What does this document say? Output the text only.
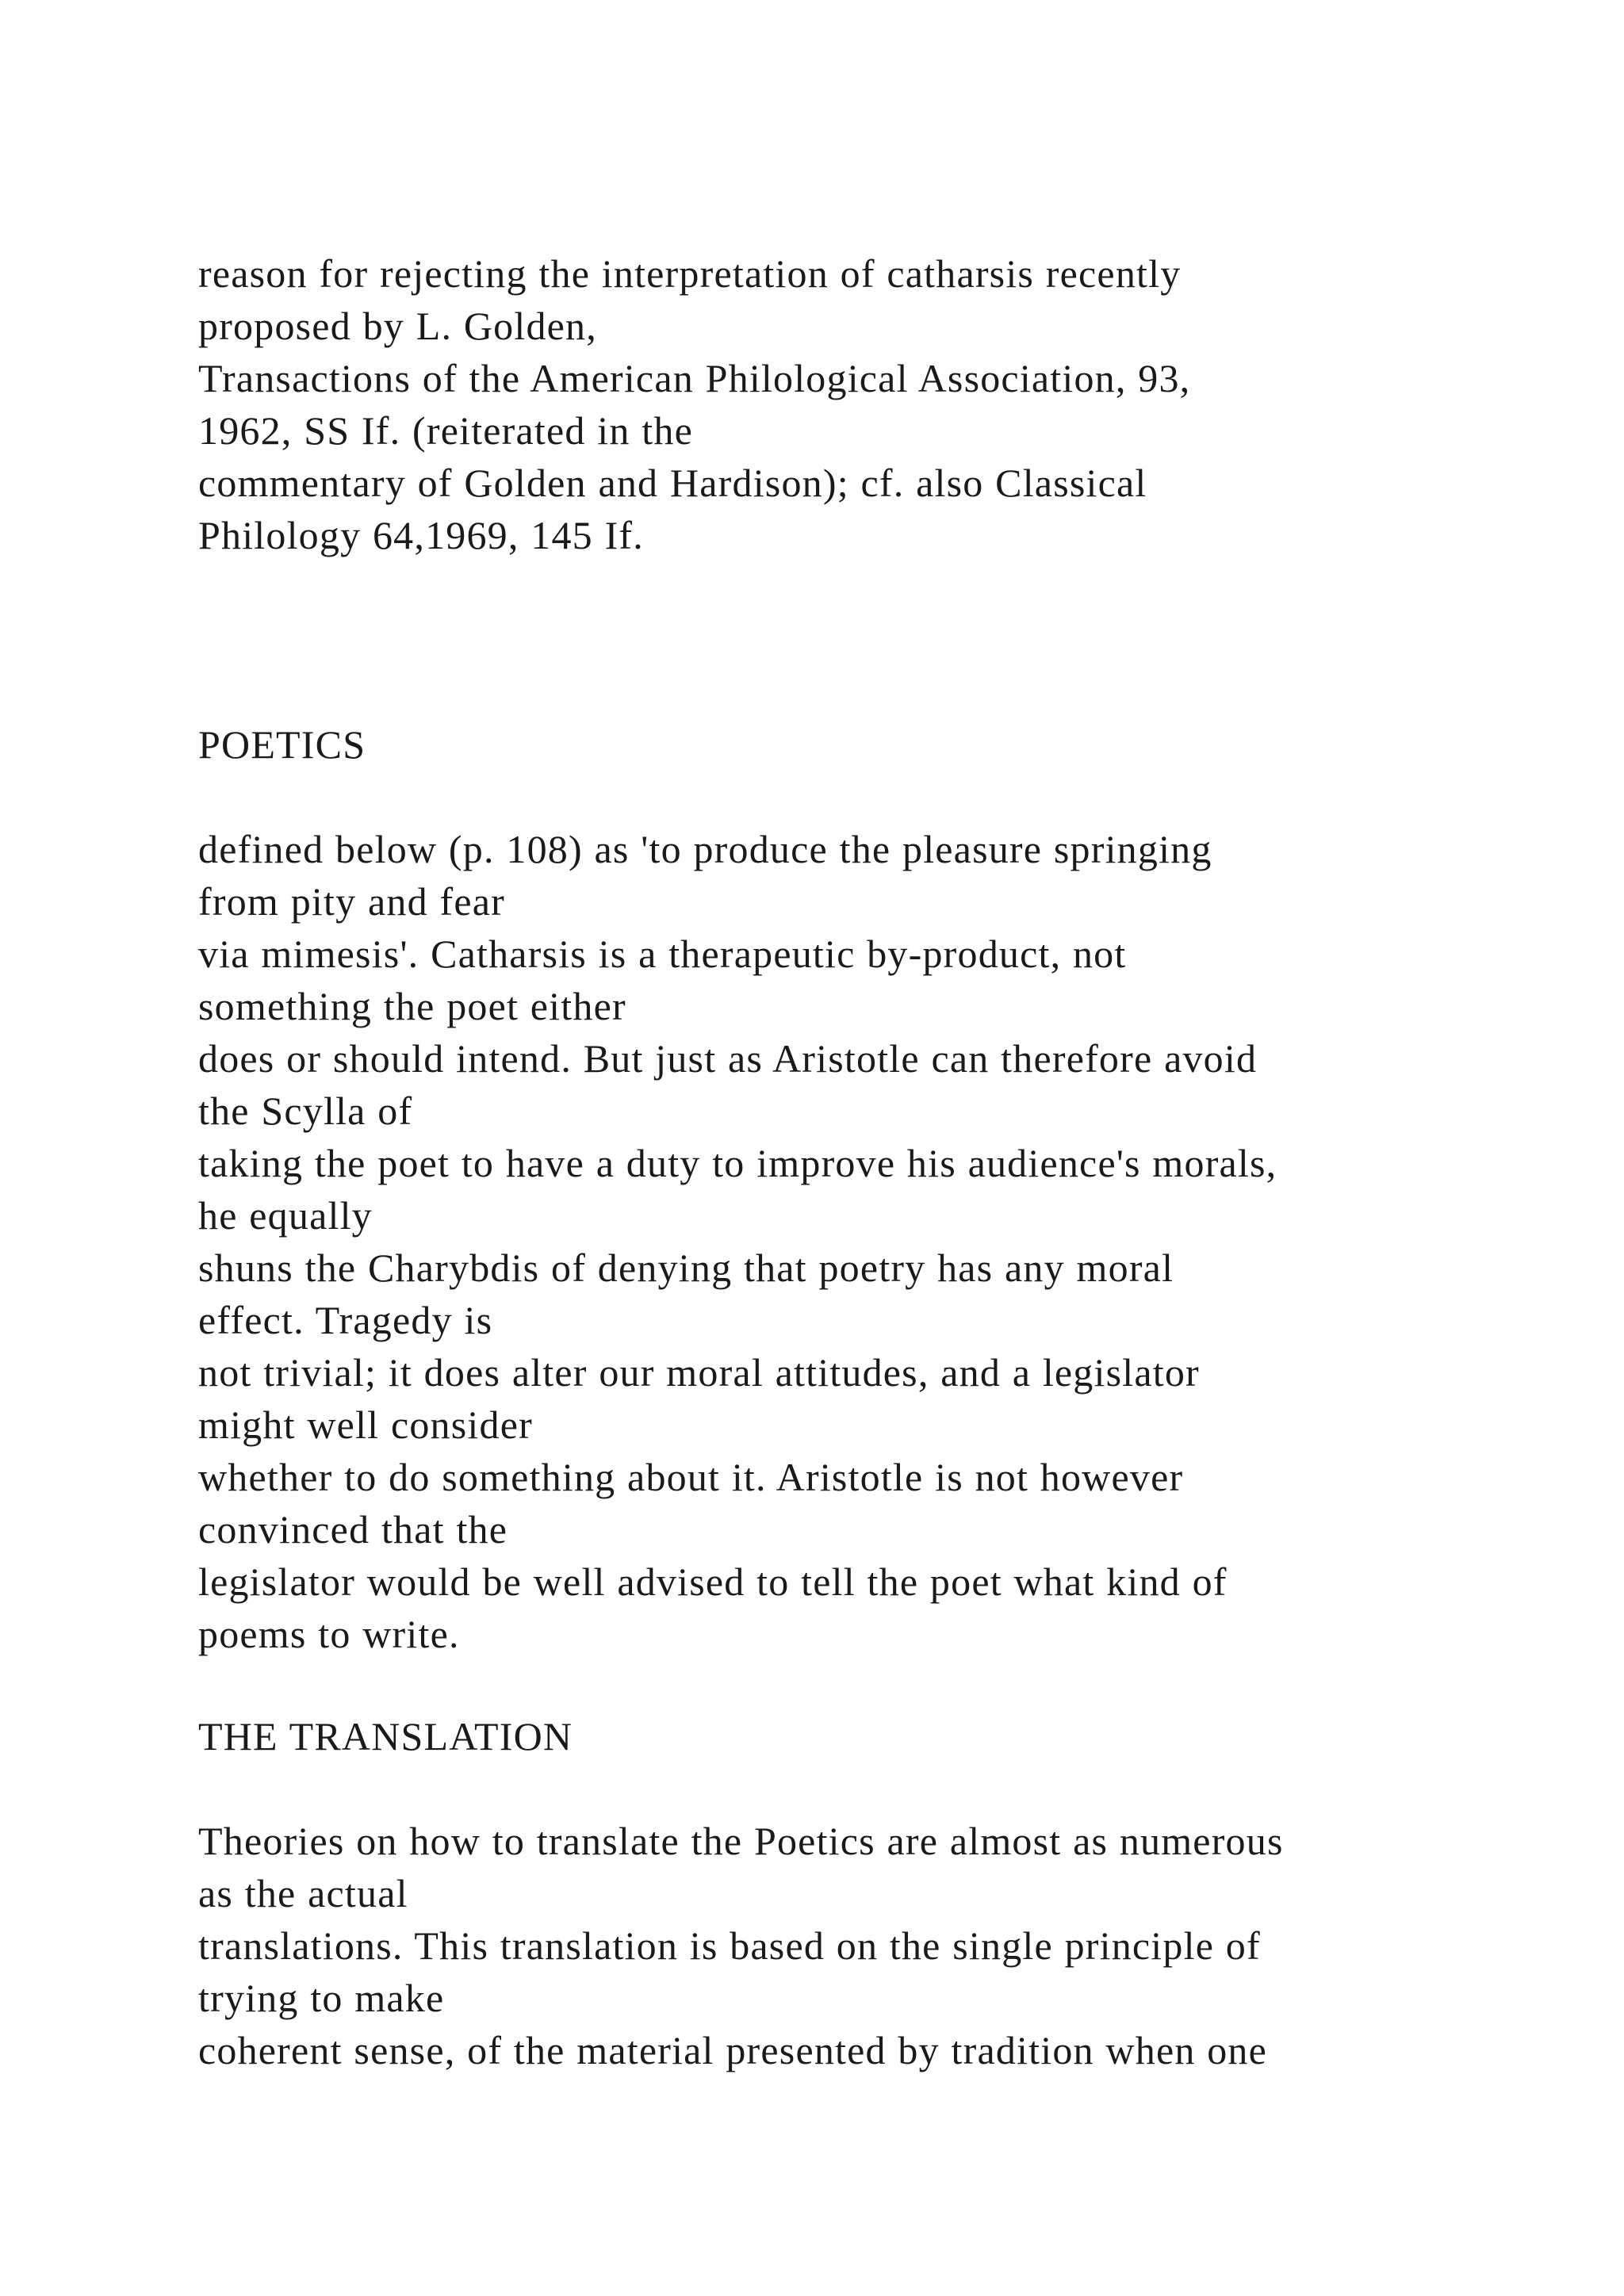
reason for rejecting the interpretation of catharsis recently
proposed by L. Golden,
Transactions of the American Philological Association, 93,
1962, SS If. (reiterated in the
commentary of Golden and Hardison); cf. also Classical
Philology 64,1969, 145 If.
POETICS
defined below (p. 108) as 'to produce the pleasure springing
from pity and fear
via mimesis'. Catharsis is a therapeutic by-product, not
something the poet either
does or should intend. But just as Aristotle can therefore avoid
the Scylla of
taking the poet to have a duty to improve his audience's morals,
he equally
shuns the Charybdis of denying that poetry has any moral
effect. Tragedy is
not trivial; it does alter our moral attitudes, and a legislator
might well consider
whether to do something about it. Aristotle is not however
convinced that the
legislator would be well advised to tell the poet what kind of
poems to write.
THE TRANSLATION
Theories on how to translate the Poetics are almost as numerous
as the actual
translations. This translation is based on the single principle of
trying to make
coherent sense, of the material presented by tradition when one
